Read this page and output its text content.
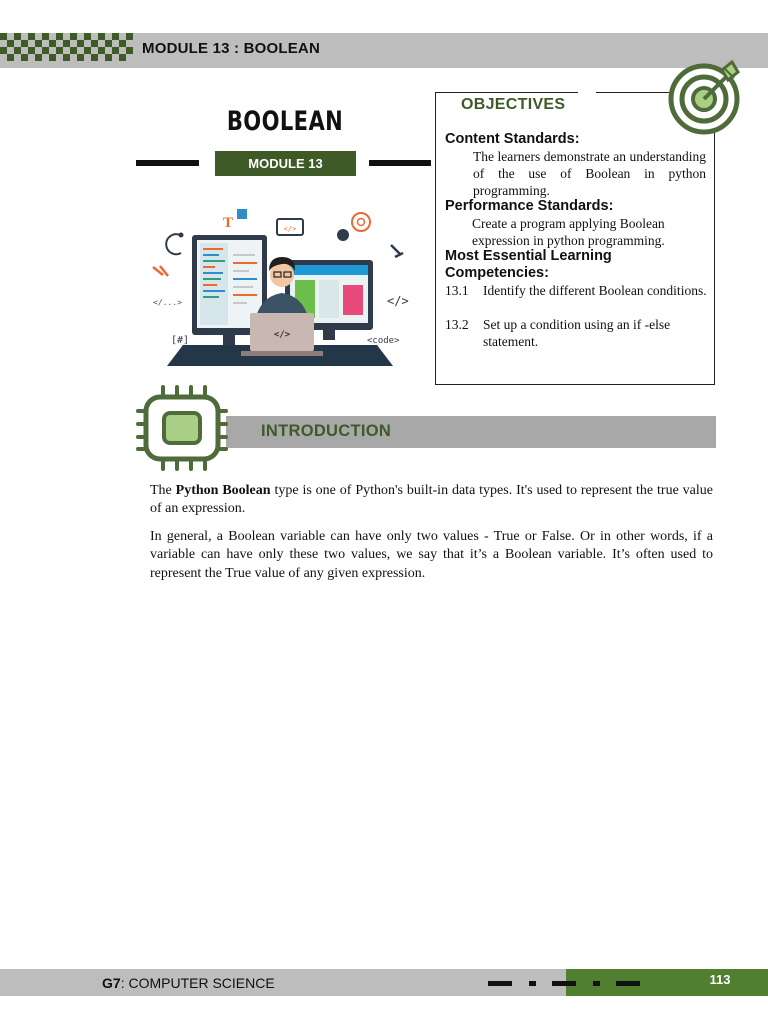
MODULE 13 : BOOLEAN
BOOLEAN
MODULE 13
</>
T	</>
</...>	</>
[#]	<code>
OBJECTIVES
Content Standards:
The learners demonstrate an understanding of the use of Boolean in python programming.
Performance Standards:
Create a program applying Boolean expression in python programming.
Most Essential Learning
Competencies:
13.1 Identify the different Boolean conditions.
13.2 Set up a condition using an if -else statement.
INTRODUCTION
The Python Boolean type is one of Python's built-in data types. It's used to represent the true value of an expression.
In general, a Boolean variable can have only two values - True or False. Or in other words, if a variable can have only these two values, we say that it’s a Boolean variable. It’s often used to represent the True value of any given expression.
G7: COMPUTER SCIENCE	113
